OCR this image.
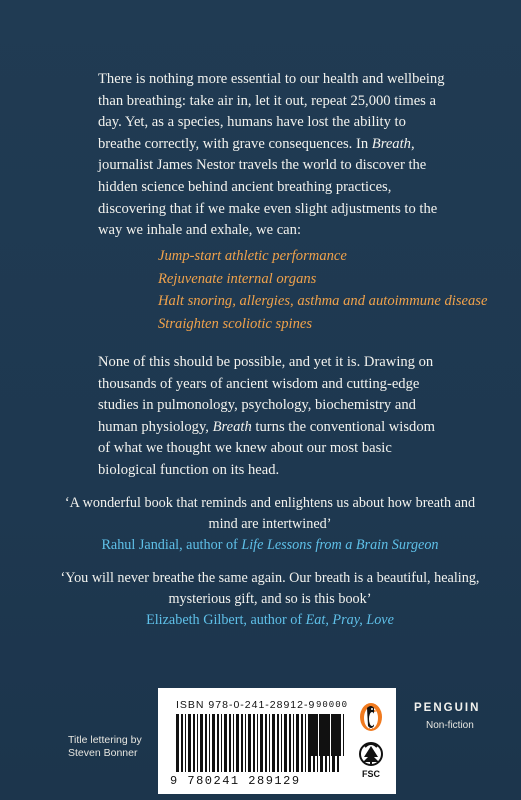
There is nothing more essential to our health and wellbeing than breathing: take air in, let it out, repeat 25,000 times a day. Yet, as a species, humans have lost the ability to breathe correctly, with grave consequences. In Breath, journalist James Nestor travels the world to discover the hidden science behind ancient breathing practices, discovering that if we make even slight adjustments to the way we inhale and exhale, we can:

Jump-start athletic performance
Rejuvenate internal organs
Halt snoring, allergies, asthma and autoimmune disease
Straighten scoliotic spines

None of this should be possible, and yet it is. Drawing on thousands of years of ancient wisdom and cutting-edge studies in pulmonology, psychology, biochemistry and human physiology, Breath turns the conventional wisdom of what we thought we knew about our most basic biological function on its head.

‘A wonderful book that reminds and enlightens us about how breath and mind are intertwined’
Rahul Jandial, author of Life Lessons from a Brain Surgeon

‘You will never breathe the same again. Our breath is a beautiful, healing, mysterious gift, and so is this book’
Elizabeth Gilbert, author of Eat, Pray, Love

Title lettering by
Steven Bonner
ISBN 978-0-241-28912-9
9 780241 289129
90000
FSC
PENGUIN
Non-fiction
